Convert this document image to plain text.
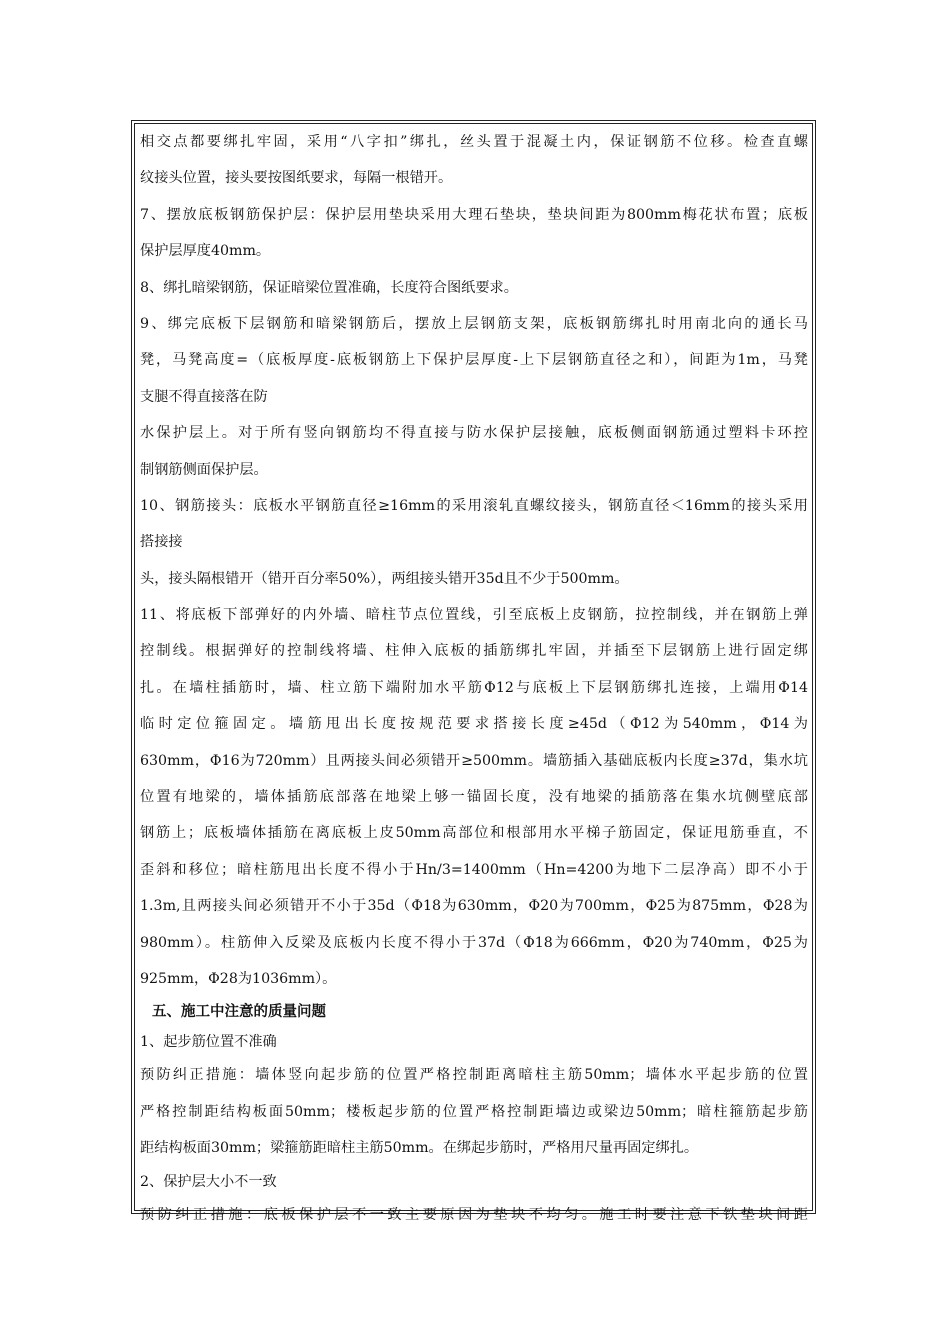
相交点都要绑扎牢固，采用“八字扣”绑扎，丝头置于混凝土内，保证钢筋不位移。检查直螺
纹接头位置，接头要按图纸要求，每隔一根错开。
7、摆放底板钢筋保护层：保护层用垫块采用大理石垫块，垫块间距为800mm梅花状布置；底板
保护层厚度40mm。
8、绑扎暗梁钢筋，保证暗梁位置准确，长度符合图纸要求。
9、绑完底板下层钢筋和暗梁钢筋后，摆放上层钢筋支架，底板钢筋绑扎时用南北向的通长马
凳，马凳高度=（底板厚度-底板钢筋上下保护层厚度-上下层钢筋直径之和），间距为1m，马凳
支腿不得直接落在防
水保护层上。对于所有竖向钢筋均不得直接与防水保护层接触，底板侧面钢筋通过塑料卡环控
制钢筋侧面保护层。
10、钢筋接头：底板水平钢筋直径≥16mm的采用滚轧直螺纹接头，钢筋直径＜16mm的接头采用
搭接接
头，接头隔根错开（错开百分率50%），两组接头错开35d且不少于500mm。
11、将底板下部弹好的内外墙、暗柱节点位置线，引至底板上皮钢筋，拉控制线，并在钢筋上弹
控制线。根据弹好的控制线将墙、柱伸入底板的插筋绑扎牢固，并插至下层钢筋上进行固定绑
扎。在墙柱插筋时，墙、柱立筋下端附加水平筋Φ12与底板上下层钢筋绑扎连接，上端用Φ14
临时定位箍固定。墙筋甩出长度按规范要求搭接长度≥45d（Φ12为540mm，Φ14为
630mm，Φ16为720mm）且两接头间必须错开≥500mm。墙筋插入基础底板内长度≥37d，集水坑
位置有地梁的，墙体插筋底部落在地梁上够一锚固长度，没有地梁的插筋落在集水坑侧壁底部
钢筋上；底板墙体插筋在离底板上皮50mm高部位和根部用水平梯子筋固定，保证甩筋垂直，不
歪斜和移位；暗柱筋甩出长度不得小于Hn/3=1400mm（Hn=4200为地下二层净高）即不小于
1.3m,且两接头间必须错开不小于35d（Φ18为630mm，Φ20为700mm，Φ25为875mm，Φ28为
980mm）。柱筋伸入反梁及底板内长度不得小于37d（Φ18为666mm，Φ20为740mm，Φ25为
925mm，Φ28为1036mm）。
五、施工中注意的质量问题
1、起步筋位置不准确
预防纠正措施：墙体竖向起步筋的位置严格控制距离暗柱主筋50mm；墙体水平起步筋的位置
严格控制距结构板面50mm；楼板起步筋的位置严格控制距墙边或梁边50mm；暗柱箍筋起步筋
距结构板面30mm；梁箍筋距暗柱主筋50mm。在绑起步筋时，严格用尺量再固定绑扎。
2、保护层大小不一致
预防纠正措施：底板保护层不一致主要原因为垫块不均匀。施工时要注意下铁垫块间距
